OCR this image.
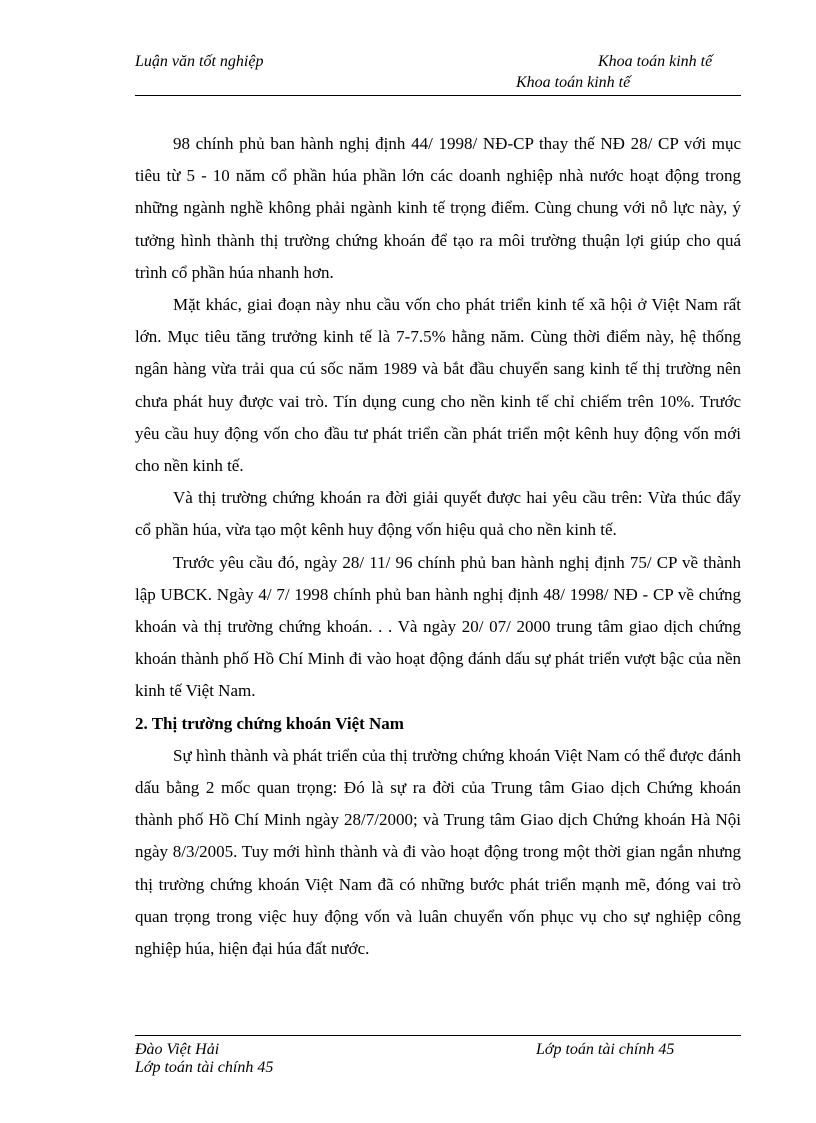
Luận văn tốt nghiệp	Khoa toán kinh tế
Khoa toán kinh tế

98 chính phủ ban hành nghị định 44/ 1998/ NĐ-CP thay thế NĐ 28/ CP với mục tiêu từ 5 - 10 năm cổ phần húa phần lớn các doanh nghiệp nhà nước hoạt động trong những ngành nghề không phải ngành kinh tế trọng điểm. Cùng chung với nỗ lực này, ý tưởng hình thành thị trường chứng khoán để tạo ra môi trường thuận lợi giúp cho quá trình cổ phần húa nhanh hơn.

Mặt khác, giai đoạn này nhu cầu vốn cho phát triển kinh tế xã hội ở Việt Nam rất lớn. Mục tiêu tăng trưởng kinh tế là 7-7.5% hằng năm. Cùng thời điểm này, hệ thống ngân hàng vừa trải qua cú sốc năm 1989 và bắt đầu chuyển sang kinh tế thị trường nên chưa phát huy được vai trò. Tín dụng cung cho nền kinh tế chỉ chiếm trên 10%. Trước yêu cầu huy động vốn cho đầu tư phát triển cần phát triển một kênh huy động vốn mới cho nền kinh tế.

Và thị trường chứng khoán ra đời giải quyết được hai yêu cầu trên: Vừa thúc đẩy cổ phần húa, vừa tạo một kênh huy động vốn hiệu quả cho nền kinh tế.

Trước yêu cầu đó, ngày 28/ 11/ 96 chính phủ ban hành nghị định 75/ CP về thành lập UBCK. Ngày 4/ 7/ 1998 chính phủ ban hành nghị định 48/ 1998/ NĐ - CP về chứng khoán và thị trường chứng khoán. . . Và ngày 20/ 07/ 2000 trung tâm giao dịch chứng khoán thành phố Hồ Chí Minh đi vào hoạt động đánh dấu sự phát triển vượt bậc của nền kinh tế Việt Nam.

2. Thị trường chứng khoán Việt Nam

Sự hình thành và phát triển của thị trường chứng khoán Việt Nam có thể được đánh dấu bằng 2 mốc quan trọng: Đó là sự ra đời của Trung tâm Giao dịch Chứng khoán thành phố Hồ Chí Minh ngày 28/7/2000; và Trung tâm Giao dịch Chứng khoán Hà Nội ngày 8/3/2005. Tuy mới hình thành và đi vào hoạt động trong một thời gian ngắn nhưng thị trường chứng khoán Việt Nam đã có những bước phát triển mạnh mẽ, đóng vai trò quan trọng trong việc huy động vốn và luân chuyển vốn phục vụ cho sự nghiệp công nghiệp húa, hiện đại húa đất nước.

Đào Việt Hải	Lớp toán tài chính 45
Lớp toán tài chính 45
